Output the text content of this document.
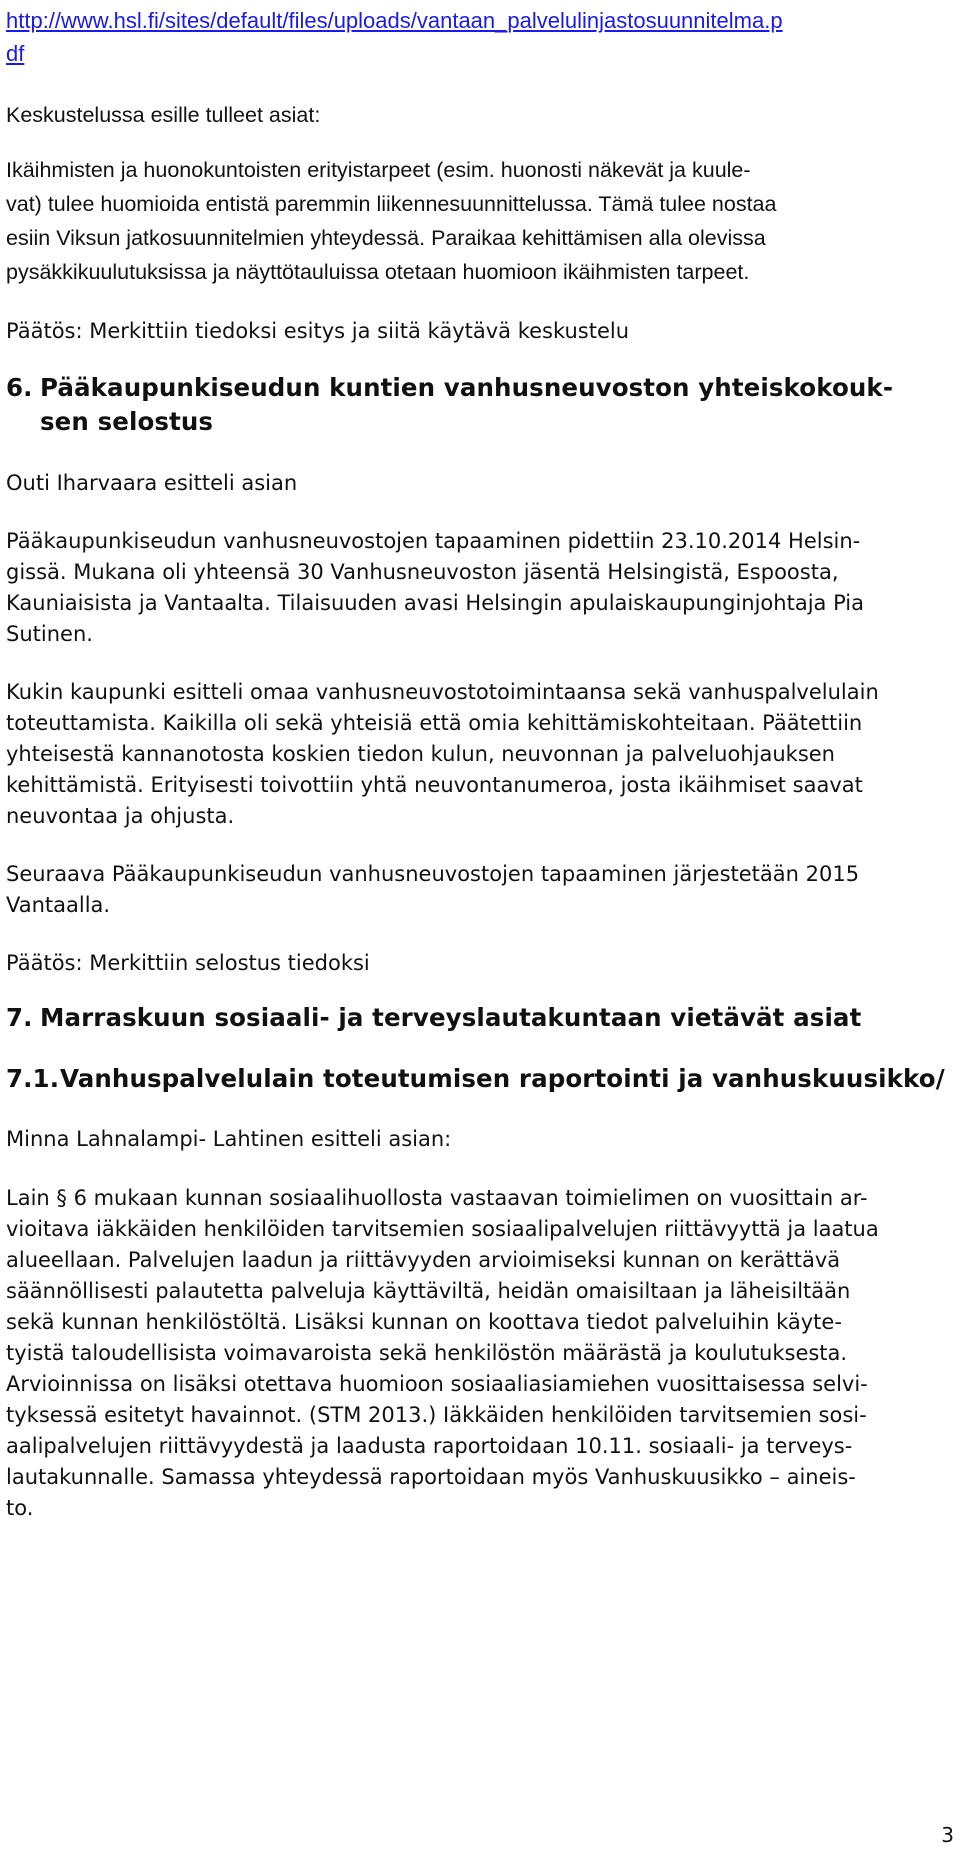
http://www.hsl.fi/sites/default/files/uploads/vantaan_palvelulinjastosuunnitelma.p
df
Keskustelussa esille tulleet asiat:
Ikäihmisten ja huonokuntoisten erityistarpeet (esim. huonosti näkevät ja kuule-
vat) tulee huomioida entistä paremmin liikennesuunnittelussa. Tämä tulee nostaa
esiin Viksun jatkosuunnitelmien yhteydessä. Paraikaa kehittämisen alla olevissa
pysäkkikuulutuksissa ja näyttötauluissa otetaan huomioon ikäihmisten tarpeet.
Päätös: Merkittiin tiedoksi esitys ja siitä käytävä keskustelu
6. Pääkaupunkiseudun kuntien vanhusneuvoston yhteiskokouk-
sen selostus
Outi Iharvaara esitteli asian
Pääkaupunkiseudun vanhusneuvostojen tapaaminen pidettiin 23.10.2014 Helsin-
gissä. Mukana oli yhteensä 30 Vanhusneuvoston jäsentä Helsingistä, Espoosta,
Kauniaisista ja Vantaalta. Tilaisuuden avasi Helsingin apulaiskaupunginjohtaja Pia
Sutinen.
Kukin kaupunki esitteli omaa vanhusneuvostotoimintaansa sekä vanhuspalvelulain
toteuttamista. Kaikilla oli sekä yhteisiä että omia kehittämiskohteitaan. Päätettiin
yhteisestä kannanotosta koskien tiedon kulun, neuvonnan ja palveluohjauksen
kehittämistä. Erityisesti toivottiin yhtä neuvontanumeroa, josta ikäihmiset saavat
neuvontaa ja ohjusta.
Seuraava Pääkaupunkiseudun vanhusneuvostojen tapaaminen järjestetään 2015
Vantaalla.
Päätös: Merkittiin selostus tiedoksi
7. Marraskuun sosiaali- ja terveyslautakuntaan vietävät asiat
7.1.Vanhuspalvelulain toteutumisen raportointi ja vanhuskuusikko/
Minna Lahnalampi- Lahtinen esitteli asian:
Lain § 6 mukaan kunnan sosiaalihuollosta vastaavan toimielimen on vuosittain ar-
vioitava iäkkäiden henkilöiden tarvitsemien sosiaalipalvelujen riittävyyttä ja laatua
alueellaan. Palvelujen laadun ja riittävyyden arvioimiseksi kunnan on kerättävä
säännöllisesti palautetta palveluja käyttäviltä, heidän omaisiltaan ja läheisiltään
sekä kunnan henkilöstöltä. Lisäksi kunnan on koottava tiedot palveluihin käyte-
tyistä taloudellisista voimavaroista sekä henkilöstön määrästä ja koulutuksesta.
Arvioinnissa on lisäksi otettava huomioon sosiaaliasiamiehen vuosittaisessa selvi-
tyksessä esitetyt havainnot. (STM 2013.) Iäkkäiden henkilöiden tarvitsemien sosi-
aalipalvelujen riittävyydestä ja laadusta raportoidaan 10.11. sosiaali- ja terveys-
lautakunnalle. Samassa yhteydessä raportoidaan myös Vanhuskuusikko – aineis-
to.
3
